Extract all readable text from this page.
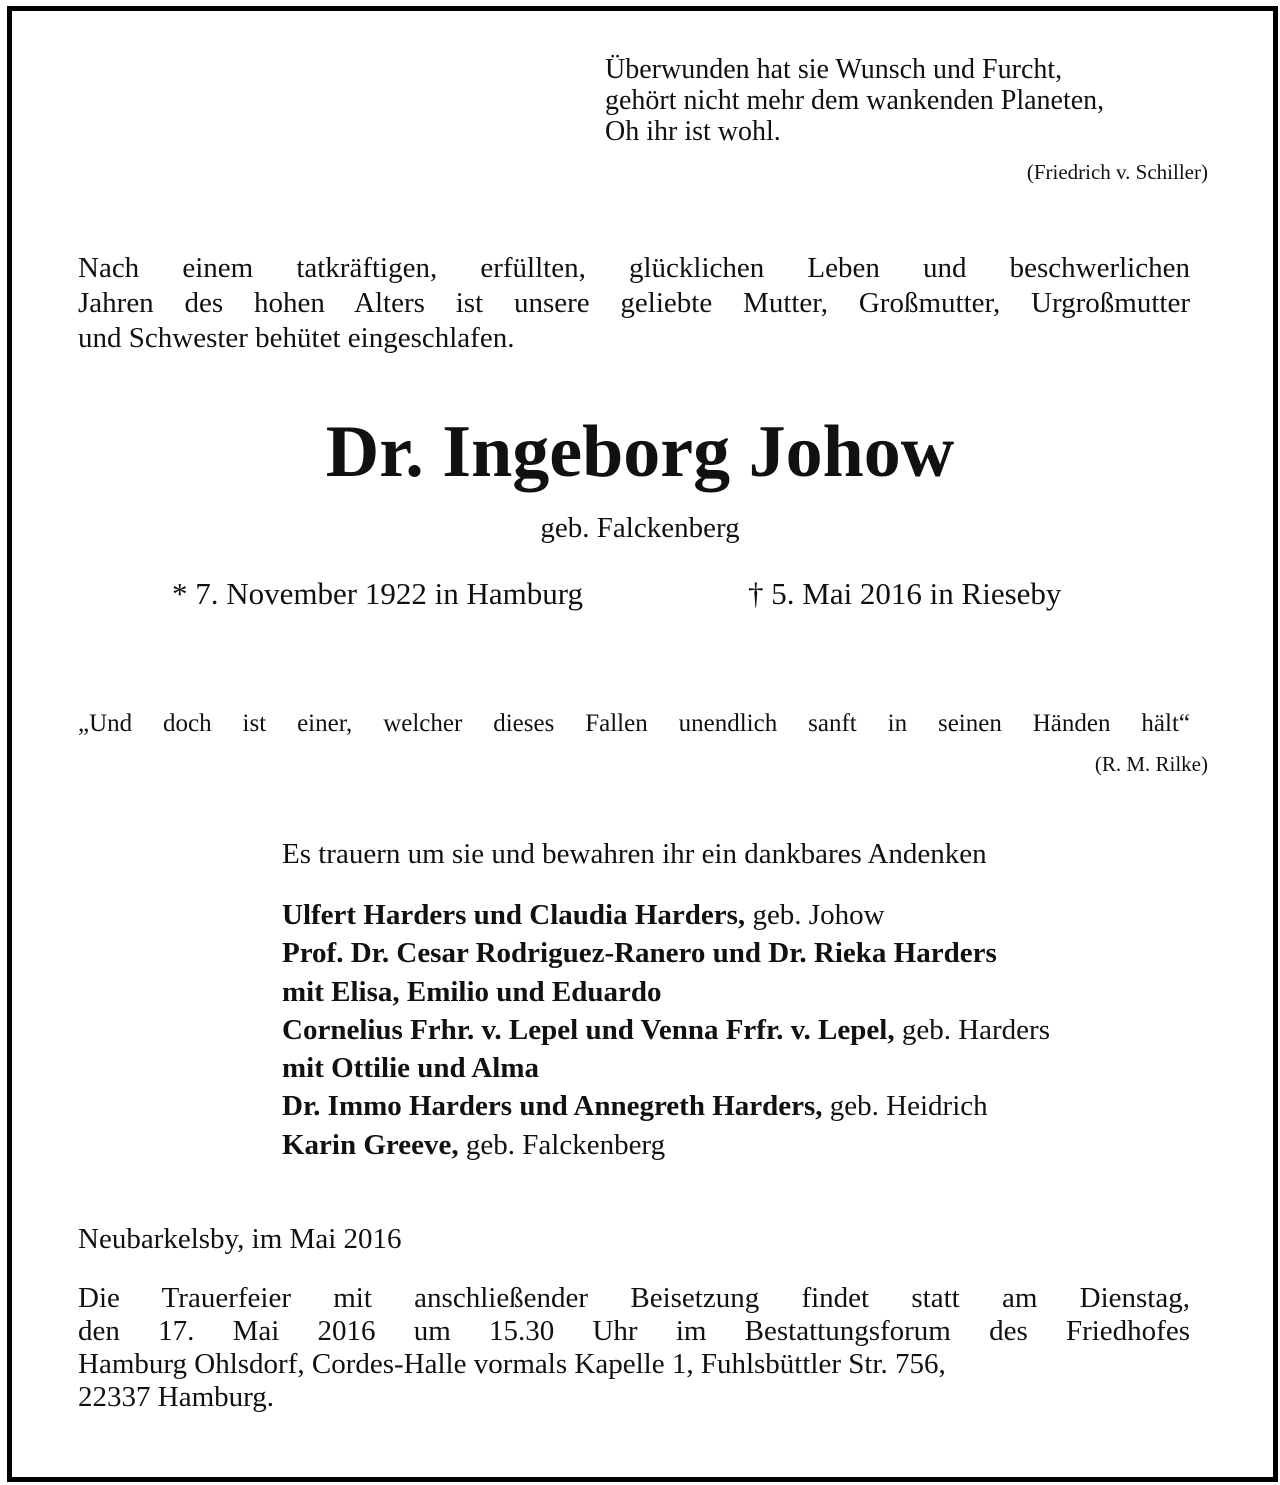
Überwunden hat sie Wunsch und Furcht,
gehört nicht mehr dem wankenden Planeten,
Oh ihr ist wohl.
(Friedrich v. Schiller)
Nach einem tatkräftigen, erfüllten, glücklichen Leben und beschwerlichen
Jahren des hohen Alters ist unsere geliebte Mutter, Großmutter, Urgroßmutter
und Schwester behütet eingeschlafen.
Dr. Ingeborg Johow
geb. Falckenberg
* 7. November 1922 in Hamburg	† 5. Mai 2016 in Rieseby
„Und doch ist einer, welcher dieses Fallen unendlich sanft in seinen Händen hält“
(R. M. Rilke)
Es trauern um sie und bewahren ihr ein dankbares Andenken
Ulfert Harders und Claudia Harders, geb. Johow
Prof. Dr. Cesar Rodriguez-Ranero und Dr. Rieka Harders
mit Elisa, Emilio und Eduardo
Cornelius Frhr. v. Lepel und Venna Frfr. v. Lepel, geb. Harders
mit Ottilie und Alma
Dr. Immo Harders und Annegreth Harders, geb. Heidrich
Karin Greeve, geb. Falckenberg
Neubarkelsby, im Mai 2016
Die Trauerfeier mit anschließender Beisetzung findet statt am Dienstag,
den 17. Mai 2016 um 15.30 Uhr im Bestattungsforum des Friedhofes
Hamburg Ohlsdorf, Cordes-Halle vormals Kapelle 1, Fuhlsbüttler Str. 756,
22337 Hamburg.
